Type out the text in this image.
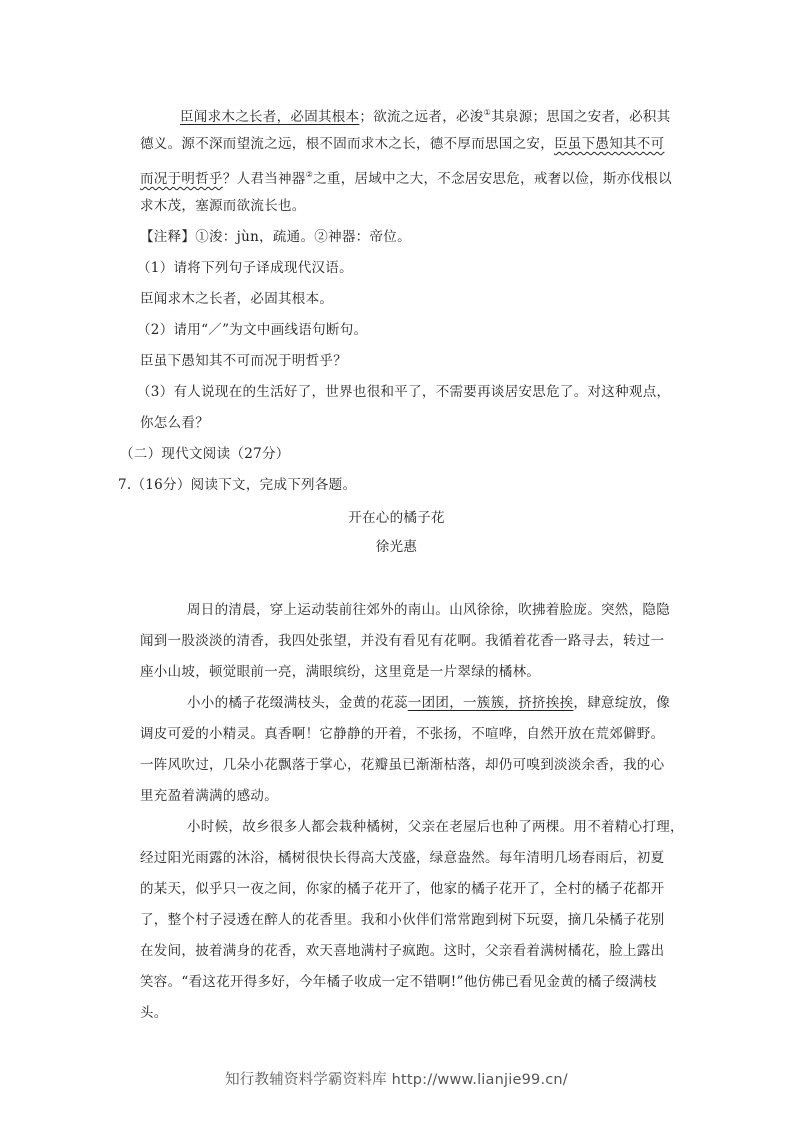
臣闻求木之长者，必固其根本；欲流之远者，必浚①其泉源；思国之安者，必积其
德义。源不深而望流之远，根不固而求木之长，德不厚而思国之安，臣虽下愚知其不可
而况于明哲乎？人君当神器②之重，居域中之大，不念居安思危，戒奢以俭，斯亦伐根以
求木茂，塞源而欲流长也。
【注释】①浚：jùn，疏通。②神器：帝位。
（1）请将下列句子译成现代汉语。
臣闻求木之长者，必固其根本。
（2）请用“／”为文中画线语句断句。
臣虽下愚知其不可而况于明哲乎？
（3）有人说现在的生活好了，世界也很和平了，不需要再谈居安思危了。对这种观点，
你怎么看？
（二）现代文阅读（27分）
7.（16分）阅读下文，完成下列各题。
开在心的橘子花
徐光惠
周日的清晨，穿上运动装前往郊外的南山。山风徐徐，吹拂着脸庞。突然，隐隐
闻到一股淡淡的清香，我四处张望，并没有看见有花啊。我循着花香一路寻去，转过一
座小山坡，顿觉眼前一亮，满眼缤纷，这里竟是一片翠绿的橘林。
小小的橘子花缀满枝头，金黄的花蕊一团团，一簇簇，挤挤挨挨，肆意绽放，像
调皮可爱的小精灵。真香啊！它静静的开着，不张扬，不喧哗，自然开放在荒郊僻野。
一阵风吹过，几朵小花飘落于掌心，花瓣虽已渐渐枯落，却仍可嗅到淡淡余香，我的心
里充盈着满满的感动。
小时候，故乡很多人都会栽种橘树，父亲在老屋后也种了两棵。用不着精心打理，
经过阳光雨露的沐浴，橘树很快长得高大茂盛，绿意盎然。每年清明几场春雨后，初夏
的某天，似乎只一夜之间，你家的橘子花开了，他家的橘子花开了，全村的橘子花都开
了，整个村子浸透在醉人的花香里。我和小伙伴们常常跑到树下玩耍，摘几朵橘子花别
在发间，披着满身的花香，欢天喜地满村子疯跑。这时，父亲看着满树橘花，脸上露出
笑容。“看这花开得多好，今年橘子收成一定不错啊!”他仿佛已看见金黄的橘子缀满枝
头。
知行教辅资料学霸资料库 http://www.lianjie99.cn/
